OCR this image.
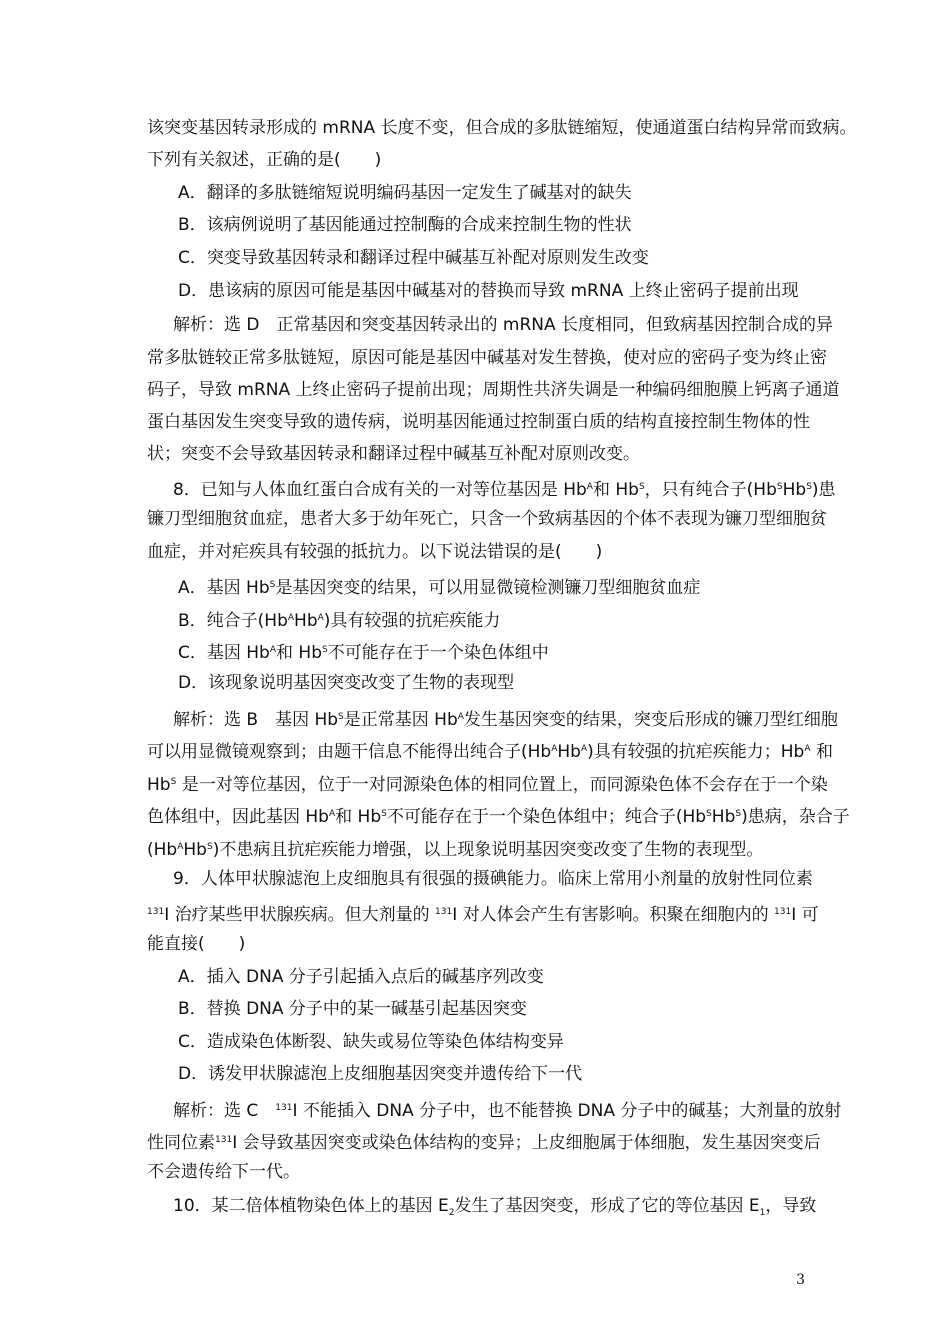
该突变基因转录形成的 mRNA 长度不变，但合成的多肽链缩短，使通道蛋白结构异常而致病。
下列有关叙述，正确的是(　　)
A．翻译的多肽链缩短说明编码基因一定发生了碱基对的缺失
B．该病例说明了基因能通过控制酶的合成来控制生物的性状
C．突变导致基因转录和翻译过程中碱基互补配对原则发生改变
D．患该病的原因可能是基因中碱基对的替换而导致 mRNA 上终止密码子提前出现
解析：选 D　正常基因和突变基因转录出的 mRNA 长度相同，但致病基因控制合成的异
常多肽链较正常多肽链短，原因可能是基因中碱基对发生替换，使对应的密码子变为终止密
码子，导致 mRNA 上终止密码子提前出现；周期性共济失调是一种编码细胞膜上钙离子通道
蛋白基因发生突变导致的遗传病，说明基因能通过控制蛋白质的结构直接控制生物体的性
状；突变不会导致基因转录和翻译过程中碱基互补配对原则改变。
8．已知与人体血红蛋白合成有关的一对等位基因是 $Hb^A$和 $Hb^S$，只有纯合子$(Hb^SHb^S)$患
镰刀型细胞贫血症，患者大多于幼年死亡，只含一个致病基因的个体不表现为镰刀型细胞贫
血症，并对疟疾具有较强的抵抗力。以下说法错误的是(　　)
A．基因 $Hb^S$是基因突变的结果，可以用显微镜检测镰刀型细胞贫血症
B．纯合子$(Hb^AHb^A)$具有较强的抗疟疾能力
C．基因 $Hb^A$和 $Hb^S$不可能存在于一个染色体组中
D．该现象说明基因突变改变了生物的表现型
解析：选 B　基因 $Hb^S$是正常基因 $Hb^A$发生基因突变的结果，突变后形成的镰刀型红细胞
可以用显微镜观察到；由题干信息不能得出纯合子$(Hb^AHb^A)$具有较强的抗疟疾能力；$Hb^A$ 和
$Hb^S$ 是一对等位基因，位于一对同源染色体的相同位置上，而同源染色体不会存在于一个染
色体组中，因此基因 $Hb^A$和 $Hb^S$不可能存在于一个染色体组中；纯合子$(Hb^SHb^S)$患病，杂合子
$(Hb^AHb^S)$不患病且抗疟疾能力增强，以上现象说明基因突变改变了生物的表现型。
9．人体甲状腺滤泡上皮细胞具有很强的摄碘能力。临床上常用小剂量的放射性同位素
$^{131}$I 治疗某些甲状腺疾病。但大剂量的 $^{131}$I 对人体会产生有害影响。积聚在细胞内的 $^{131}$I 可
能直接(　　)
A．插入 DNA 分子引起插入点后的碱基序列改变
B．替换 DNA 分子中的某一碱基引起基因突变
C．造成染色体断裂、缺失或易位等染色体结构变异
D．诱发甲状腺滤泡上皮细胞基因突变并遗传给下一代
解析：选 C　$^{131}$I 不能插入 DNA 分子中，也不能替换 DNA 分子中的碱基；大剂量的放射
性同位素$^{131}$I 会导致基因突变或染色体结构的变异；上皮细胞属于体细胞，发生基因突变后
不会遗传给下一代。
10．某二倍体植物染色体上的基因 $E_2$发生了基因突变，形成了它的等位基因 $E_1$，导致
3
